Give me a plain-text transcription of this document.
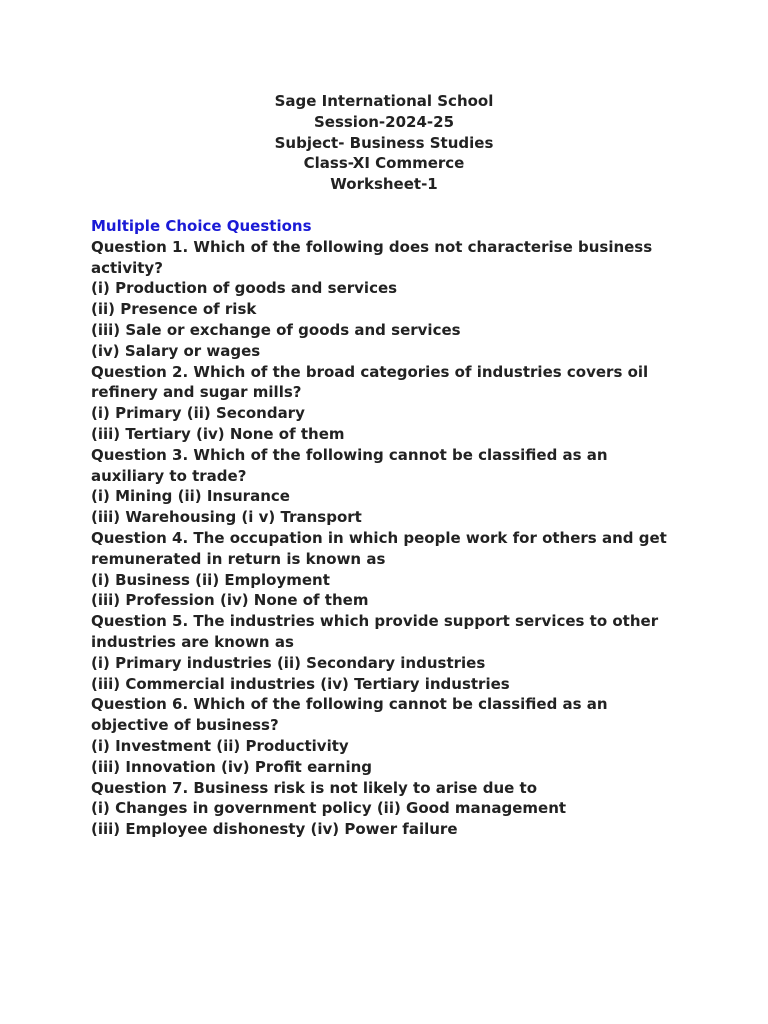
Sage International School
Session-2024-25
Subject- Business Studies
Class-XI Commerce
Worksheet-1
Multiple Choice Questions
Question 1. Which of the following does not characterise business
activity?
(i) Production of goods and services
(ii) Presence of risk
(iii) Sale or exchange of goods and services
(iv) Salary or wages
Question 2. Which of the broad categories of industries covers oil
refinery and sugar mills?
(i) Primary (ii) Secondary
(iii) Tertiary (iv) None of them
Question 3. Which of the following cannot be classified as an
auxiliary to trade?
(i) Mining (ii) Insurance
(iii) Warehousing (i v) Transport
Question 4. The occupation in which people work for others and get
remunerated in return is known as
(i) Business (ii) Employment
(iii) Profession (iv) None of them
Question 5. The industries which provide support services to other
industries are known as
(i) Primary industries (ii) Secondary industries
(iii) Commercial industries (iv) Tertiary industries
Question 6. Which of the following cannot be classified as an
objective of business?
(i) Investment (ii) Productivity
(iii) Innovation (iv) Profit earning
Question 7. Business risk is not likely to arise due to
(i) Changes in government policy (ii) Good management
(iii) Employee dishonesty (iv) Power failure
